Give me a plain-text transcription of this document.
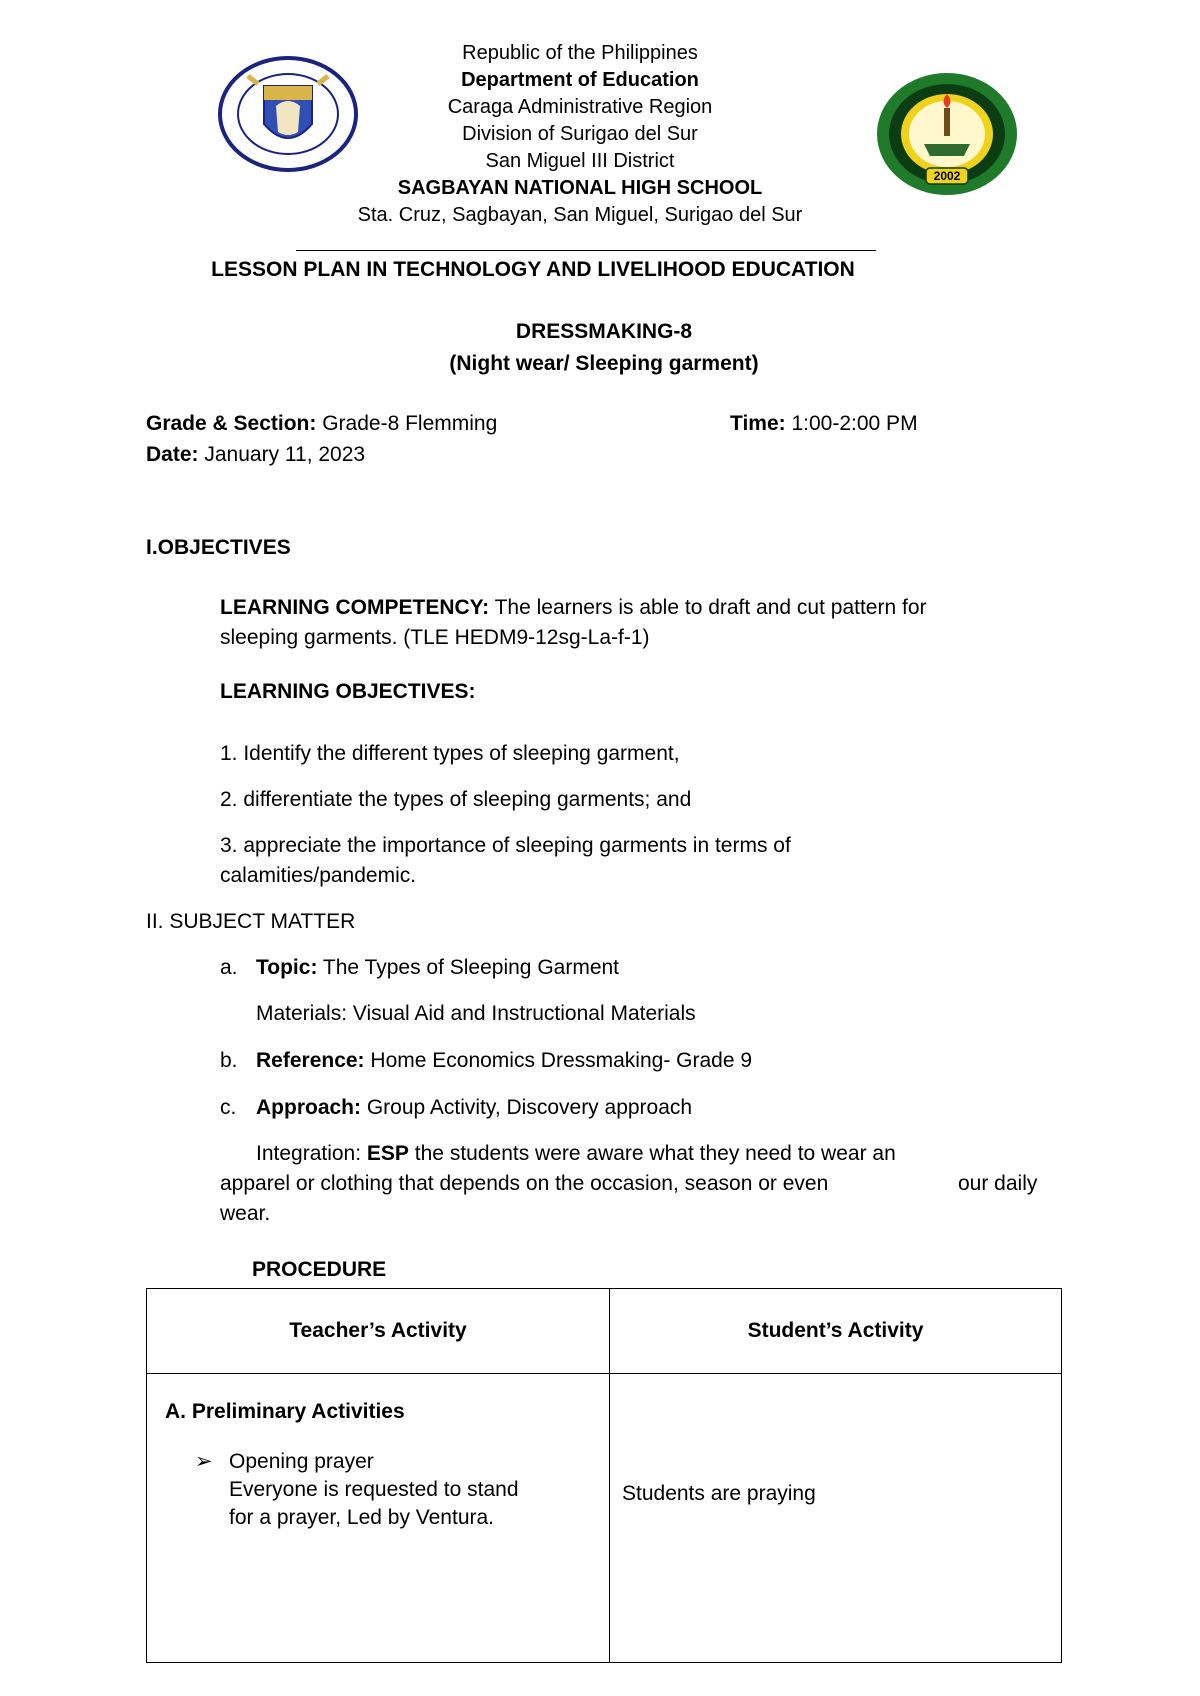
2002
Republic of the Philippines
Department of Education
Caraga Administrative Region
Division of Surigao del Sur
San Miguel III District
SAGBAYAN NATIONAL HIGH SCHOOL
Sta. Cruz, Sagbayan, San Miguel, Surigao del Sur
LESSON PLAN IN TECHNOLOGY AND LIVELIHOOD EDUCATION
DRESSMAKING-8
(Night wear/ Sleeping garment)
Grade & Section: Grade-8 Flemming	Time: 1:00-2:00 PM
Date: January 11, 2023
I.OBJECTIVES
LEARNING COMPETENCY: The learners is able to draft and cut pattern for
sleeping garments. (TLE HEDM9-12sg-La-f-1)
LEARNING OBJECTIVES:
1. Identify the different types of sleeping garment,
2. differentiate the types of sleeping garments; and
3. appreciate the importance of sleeping garments in terms of
calamities/pandemic.
II. SUBJECT MATTER
a. Topic: The Types of Sleeping Garment
Materials: Visual Aid and Instructional Materials
b. Reference: Home Economics Dressmaking- Grade 9
c. Approach: Group Activity, Discovery approach
Integration: ESP the students were aware what they need to wear an
apparel or clothing that depends on the occasion, season or even	our daily
wear.
PROCEDURE
Teacher’s Activity	Student’s Activity

A. Preliminary Activities
➢ Opening prayer
Everyone is requested to stand
for a prayer, Led by Ventura.	Students are praying
